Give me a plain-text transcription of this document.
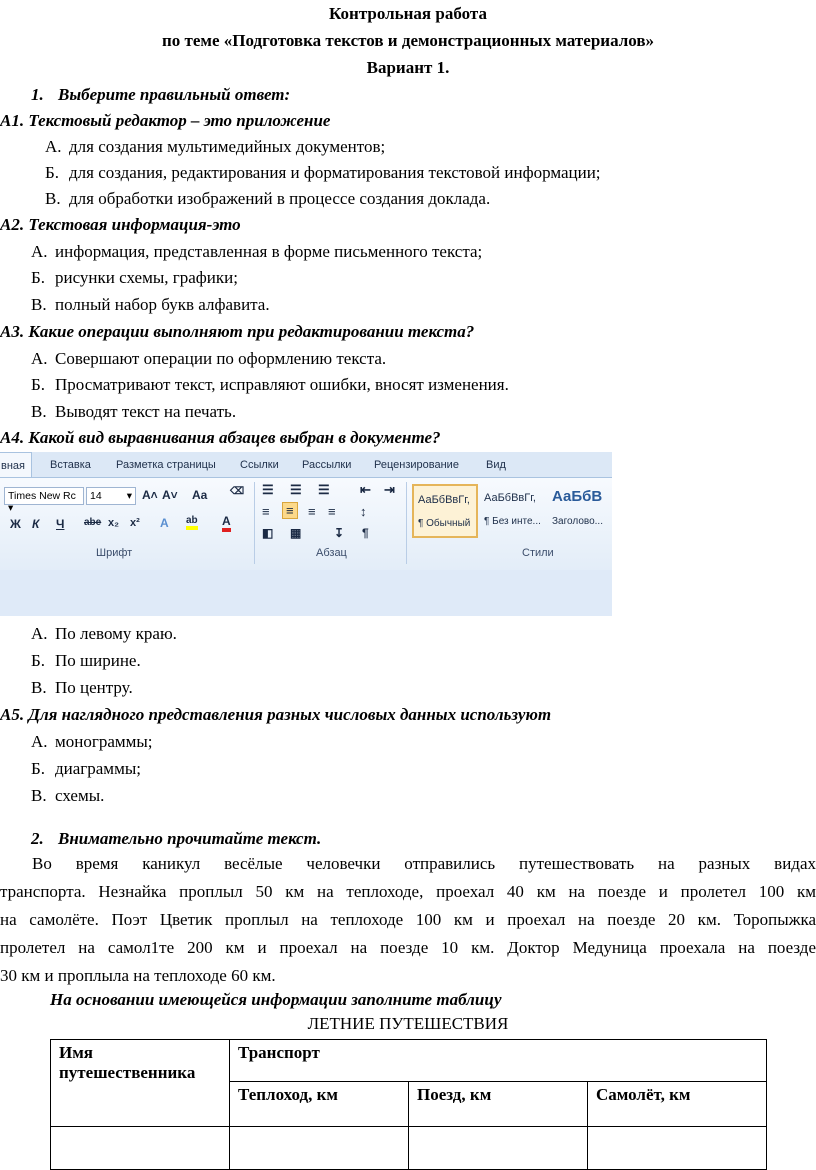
Контрольная работа
по теме «Подготовка текстов и демонстрационных материалов»
Вариант 1.
1. Выберите правильный ответ:
А1. Текстовый редактор – это приложение
А. для создания мультимедийных документов;
Б. для создания, редактирования и форматирования текстовой информации;
В. для обработки изображений в процессе создания доклада.
А2. Текстовая информация-это
А. информация, представленная в форме письменного текста;
Б. рисунки схемы, графики;
В. полный набор букв алфавита.
А3. Какие операции выполняют при редактировании текста?
А. Совершают операции по оформлению текста.
Б. Просматривают текст, исправляют ошибки, вносят изменения.
В. Выводят текст на печать.
А4. Какой вид выравнивания абзацев выбран в документе?
вная	Вставка Разметка страницы Ссылки Рассылки Рецензирование Вид
Times New Rc ▾
14 ▾ A˄ A˅ Aa ⌫
Ж К Ч abe x₂ x² A ab A
Шрифт
☰ ☰ ☰ ⇤ ⇥
≡	≡	≡ ≡ ↕
◧ ▦	↧ ¶
Абзац
АаБбВвГг,
¶ Обычный
АаБбВвГг,
¶ Без инте...
АаБбВ
Заголово...
Стили
А. По левому краю.
Б. По ширине.
В. По центру.
А5. Для наглядного представления разных числовых данных используют
А. монограммы;
Б. диаграммы;
В. схемы.
2. Внимательно прочитайте текст.
Во время каникул весёлые человечки отправились путешествовать на разных видах
транспорта. Незнайка проплыл 50 км на теплоходе, проехал 40 км на поезде и пролетел 100 км
на самолёте. Поэт Цветик проплыл на теплоходе 100 км и проехал на поезде 20 км. Торопыжка
пролетел на самол1те 200 км и проехал на поезде 10 км. Доктор Медуница проехала на поезде
30 км и проплыла на теплоходе 60 км.
На основании имеющейся информации заполните таблицу
ЛЕТНИЕ ПУТЕШЕСТВИЯ
Имя
путешественника	Транспорт		
	Теплоход, км	Поезд, км	Самолёт, км
